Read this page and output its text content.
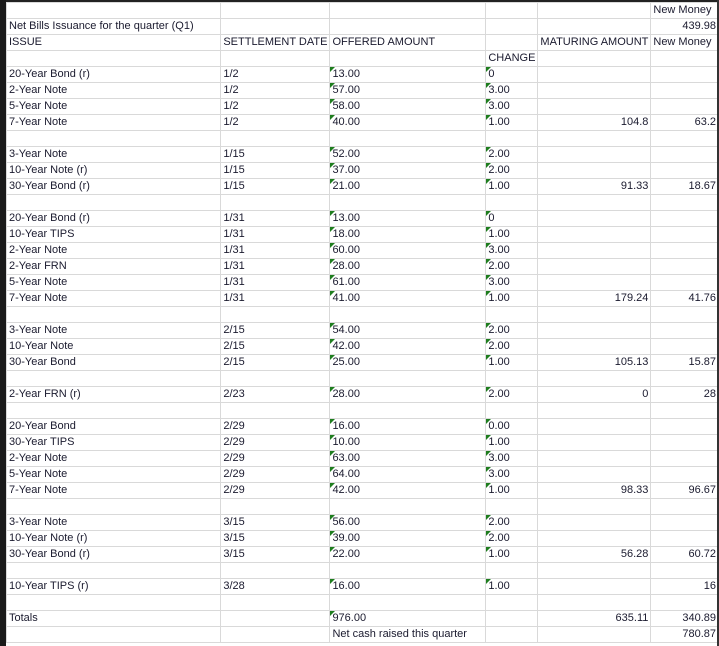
					New Money
Net Bills Issuance for the quarter (Q1)					439.98
ISSUE	SETTLEMENT DATE	OFFERED AMOUNT		MATURING AMOUNT	New Money
			CHANGE		
20-Year Bond (r)	1/2	13.00	0		
2-Year Note	1/2	57.00	3.00		
5-Year Note	1/2	58.00	3.00		
7-Year Note	1/2	40.00	1.00	104.8	63.2

3-Year Note	1/15	52.00	2.00		
10-Year Note (r)	1/15	37.00	2.00		
30-Year Bond (r)	1/15	21.00	1.00	91.33	18.67

20-Year Bond (r)	1/31	13.00	0		
10-Year TIPS	1/31	18.00	1.00		
2-Year Note	1/31	60.00	3.00		
2-Year FRN	1/31	28.00	2.00		
5-Year Note	1/31	61.00	3.00		
7-Year Note	1/31	41.00	1.00	179.24	41.76

3-Year Note	2/15	54.00	2.00		
10-Year Note	2/15	42.00	2.00		
30-Year Bond	2/15	25.00	1.00	105.13	15.87

2-Year FRN (r)	2/23	28.00	2.00	0	28

20-Year Bond	2/29	16.00	0.00		
30-Year TIPS	2/29	10.00	1.00		
2-Year Note	2/29	63.00	3.00		
5-Year Note	2/29	64.00	3.00		
7-Year Note	2/29	42.00	1.00	98.33	96.67

3-Year Note	3/15	56.00	2.00		
10-Year Note (r)	3/15	39.00	2.00		
30-Year Bond (r)	3/15	22.00	1.00	56.28	60.72

10-Year TIPS (r)	3/28	16.00	1.00		16

Totals		976.00		635.11	340.89
		Net cash raised this quarter			780.87
